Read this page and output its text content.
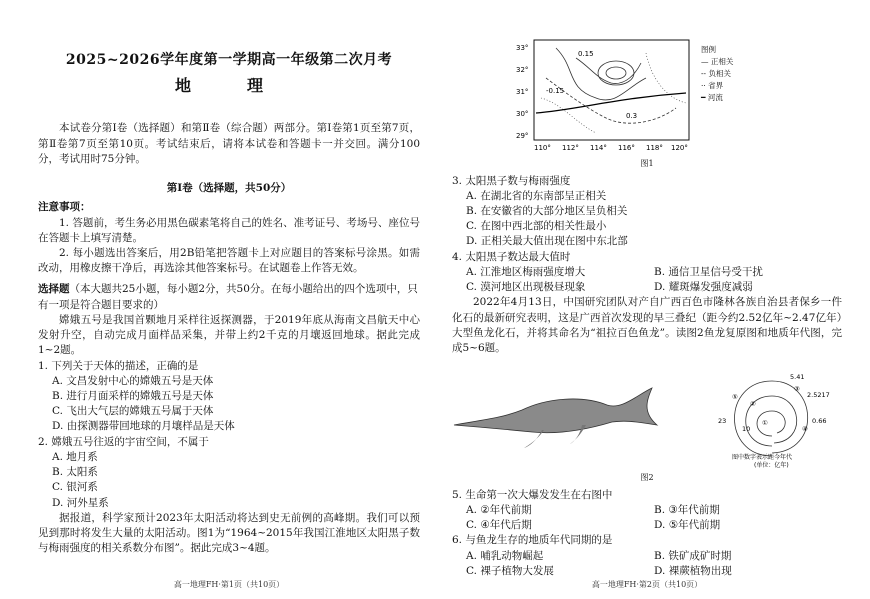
2025~2026学年度第一学期高一年级第二次月考
地　理

本试卷分第Ⅰ卷（选择题）和第Ⅱ卷（综合题）两部分。第Ⅰ卷第1页至第7页，第Ⅱ卷第7页至第10页。考试结束后，请将本试卷和答题卡一并交回。满分100分，考试用时75分钟。

第Ⅰ卷（选择题，共50分）
注意事项：

1. 答题前，考生务必用黑色碳素笔将自己的姓名、准考证号、考场号、座位号在答题卡上填写清楚。

2. 每小题选出答案后，用2B铅笔把答题卡上对应题目的答案标号涂黑。如需改动，用橡皮擦干净后，再选涂其他答案标号。在试题卷上作答无效。

选择题（本大题共25小题，每小题2分，共50分。在每小题给出的四个选项中，只有一项是符合题目要求的）

嫦娥五号是我国首颗地月采样往返探测器，于2019年底从海南文昌航天中心发射升空，自动完成月面样品采集，并带上约2千克的月壤返回地球。据此完成1~2题。

1. 下列关于天体的描述，正确的是

A. 文昌发射中心的嫦娥五号是天体

B. 进行月面采样的嫦娥五号是天体

C. 飞出大气层的嫦娥五号属于天体

D. 由探测器带回地球的月壤样品是天体

2. 嫦娥五号往返的宇宙空间，不属于

A. 地月系

B. 太阳系

C. 银河系

D. 河外星系

据报道，科学家预计2023年太阳活动将达到史无前例的高峰期。我们可以预见到那时将发生大量的太阳活动。图1为“1964~2015年我国江淮地区太阳黑子数与梅雨强度的相关系数分布图”。据此完成3~4题。

高一地理FH·第1页（共10页）
0.15
-0.15
0.3
33°
32°
31°
30°
29°
110° 112° 114° 116° 118° 120°
图例
— 正相关
-- 负相关
·· 省界
━ 河流
图1

3. 太阳黑子数与梅雨强度

A. 在湖北省的东南部呈正相关

B. 在安徽省的大部分地区呈负相关

C. 在图中西北部的相关性最小

D. 正相关最大值出现在图中东北部

4. 太阳黑子数达最大值时

A. 江淮地区梅雨强度增大	B. 通信卫星信号受干扰
C. 漠河地区出现极昼现象	D. 耀斑爆发强度减弱

2022年4月13日，中国研究团队对产自广西百色市隆林各族自治县者保乡一件化石的最新研究表明，这是广西首次发现的早三叠纪（距今约2.52亿年~2.47亿年）大型鱼龙化石，并将其命名为“祖拉百色鱼龙”。读图2鱼龙复原图和地质年代图，完成5~6题。

5.41
2.5217
0.66
23
10
①
②
③
④
⑤
图中数字表示距今年代
(单位：亿年)
图2

5. 生命第一次大爆发发生在右图中

A. ②年代前期	B. ③年代前期
C. ④年代后期	D. ⑤年代前期

6. 与鱼龙生存的地质年代同期的是

A. 哺乳动物崛起	B. 铁矿成矿时期
C. 裸子植物大发展	D. 裸蕨植物出现
高一地理FH·第2页（共10页）
